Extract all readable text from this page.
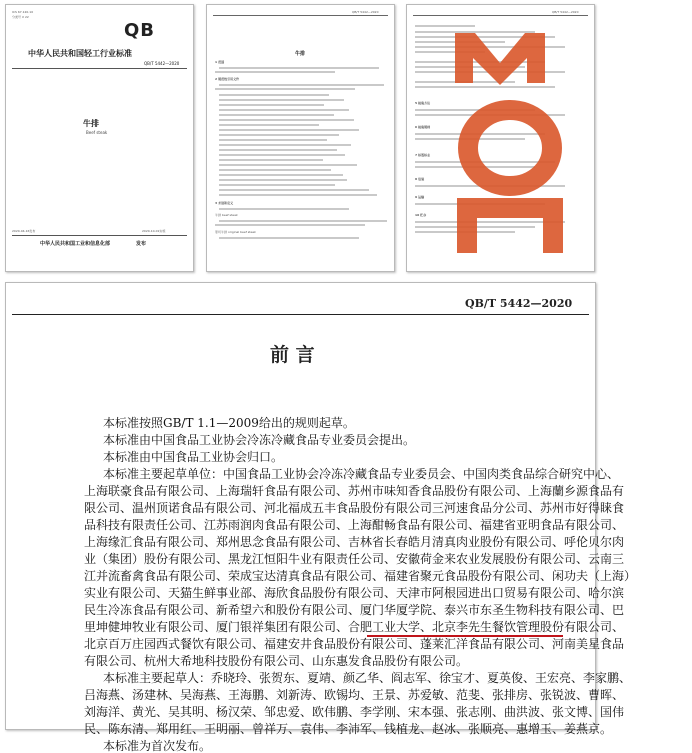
ICS 67.120.10
分类号 X 22
QB
中华人民共和国轻工行业标准
QB/T 5442—2020
牛排
Beef steak
2020-04-16发布	2020-10-01实施
中华人民共和国工业和信息化部	发布
QB/T 5442—2020
牛排
1 范围
2 规范性引用文件
3 术语和定义
牛排 beef steak
原切牛排 original beef steak
QB/T 5442—2020
5 检验方法
6 检验规则
7 标签标志
8 包装
9 运输
10 贮存
QB/T 5442—2020
前 言
本标准按照GB/T 1.1—2009给出的规则起草。
本标准由中国食品工业协会冷冻冷藏食品专业委员会提出。
本标准由中国食品工业协会归口。
本标准主要起草单位：中国食品工业协会冷冻冷藏食品专业委员会、中国肉类食品综合研究中心、
上海联豪食品有限公司、上海瑞轩食品有限公司、苏州市味知香食品股份有限公司、上海蘭乡源食品有
限公司、温州顶诺食品有限公司、河北福成五丰食品股份有限公司三河速食品分公司、苏州市好得睐食
品科技有限责任公司、江苏雨润肉食品有限公司、上海酣畅食品有限公司、福建省亚明食品有限公司、
上海缘汇食品有限公司、郑州思念食品有限公司、吉林省长春皓月清真肉业股份有限公司、呼伦贝尔肉
业（集团）股份有限公司、黑龙江恒阳牛业有限责任公司、安徽荷金来农业发展股份有限公司、云南三
江并流畜禽食品有限公司、荣成宝达清真食品有限公司、福建省聚元食品股份有限公司、闲功夫（上海）
实业有限公司、天猫生鲜事业部、海欣食品股份有限公司、天津市阿根园进出口贸易有限公司、哈尔滨
民生冷冻食品有限公司、新希望六和股份有限公司、厦门华厦学院、泰兴市东圣生物科技有限公司、巴
里坤健坤牧业有限公司、厦门银祥集团有限公司、合肥工业大学、北京李先生餐饮管理股份有限公司、
北京百万庄园西式餐饮有限公司、福建安井食品股份有限公司、蓬莱汇洋食品有限公司、河南美星食品
有限公司、杭州大希地科技股份有限公司、山东惠发食品股份有限公司。
本标准主要起草人：乔晓玲、张贺东、夏靖、颜乙华、阎志军、徐宝才、夏英俊、王宏亮、李家鹏、
吕海燕、汤建林、吴海燕、王海鹏、刘新涛、欧锡均、王景、苏爱敏、范斐、张排房、张锐波、曹晖、
刘海洋、黄光、吴其明、杨汉荣、邹忠爱、欧伟鹏、李学刚、宋本强、张志刚、曲洪波、张文博、国伟
民、陈东清、郑用红、王明丽、曾祥万、袁伟、李沛军、钱植龙、赵冰、张顺亮、惠增玉、姜燕京。
本标准为首次发布。
